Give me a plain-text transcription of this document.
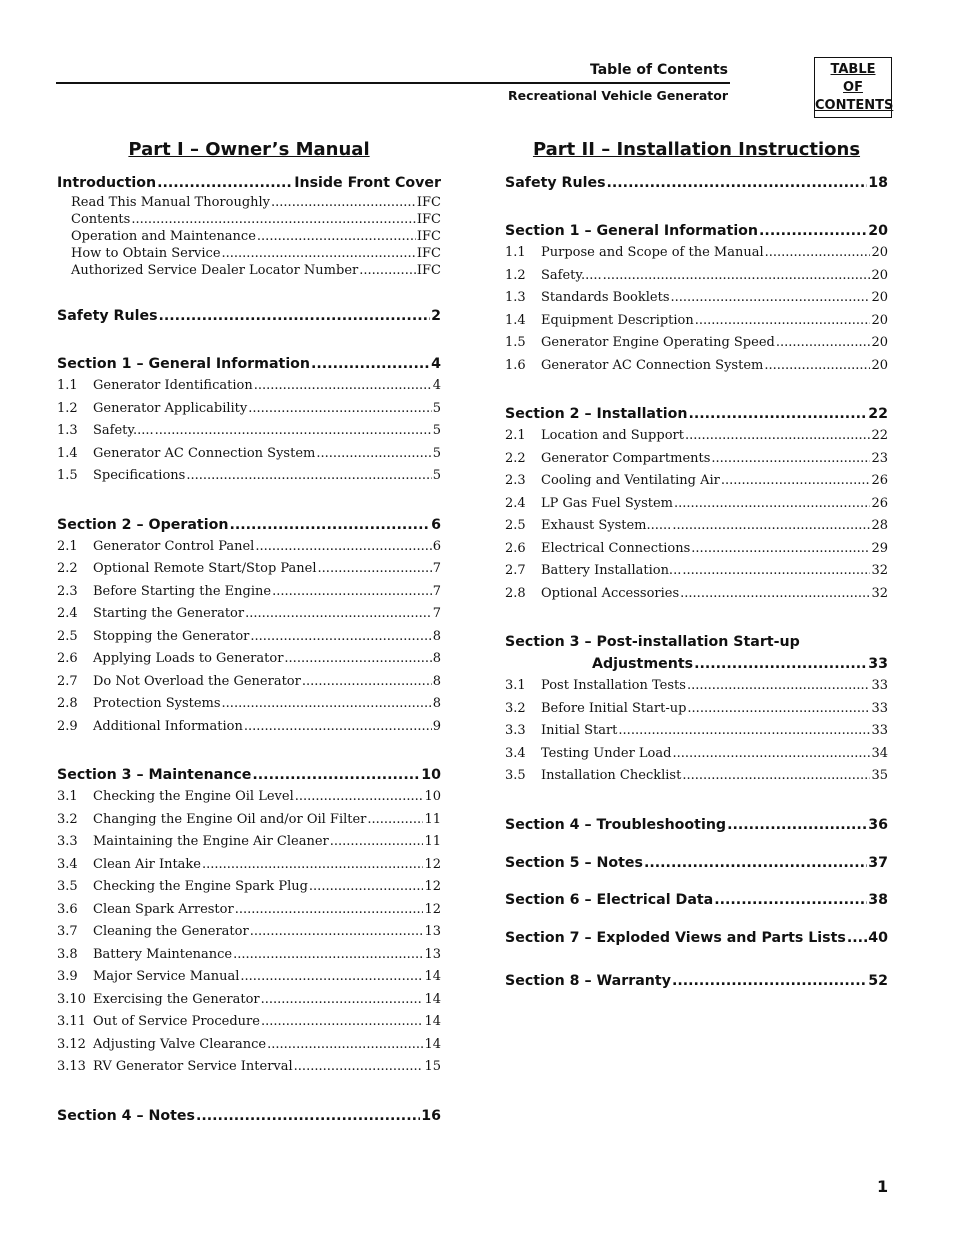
Table of Contents
Recreational Vehicle Generator
TABLE
OF
CONTENTS
Part I – Owner’s Manual
Introduction .....	Inside Front Cover
Read This Manual Thoroughly .....	IFC
Contents .....	IFC
Operation and Maintenance .....	IFC
How to Obtain Service .....	IFC
Authorized Service Dealer Locator Number .....	IFC
Safety Rules .....	2
Section 1 – General Information .....	4
1.1	Generator Identification .....	4
1.2	Generator Applicability .....	5
1.3	Safety..... .....	5
1.4	Generator AC Connection System .....	5
1.5	Specifications .....	5
Section 2 – Operation .....	6
2.1	Generator Control Panel .....	6
2.2	Optional Remote Start/Stop Panel .....	7
2.3	Before Starting the Engine .....	7
2.4	Starting the Generator .....	7
2.5	Stopping the Generator .....	8
2.6	Applying Loads to Generator .....	8
2.7	Do Not Overload the Generator .....	8
2.8	Protection Systems .....	8
2.9	Additional Information .....	9
Section 3 – Maintenance .....	10
3.1	Checking the Engine Oil Level .....	10
3.2	Changing the Engine Oil and/or Oil Filter .....	11
3.3	Maintaining the Engine Air Cleaner .....	11
3.4	Clean Air Intake .....	12
3.5	Checking the Engine Spark Plug .....	12
3.6	Clean Spark Arrestor .....	12
3.7	Cleaning the Generator .....	13
3.8	Battery Maintenance .....	13
3.9	Major Service Manual .....	14
3.10 Exercising the Generator .....	14
3.11 Out of Service Procedure .....	14
3.12 Adjusting Valve Clearance .....	14
3.13 RV Generator Service Interval .....	15
Section 4 – Notes .....	16
Part II – Installation Instructions
Safety Rules .....	18
Section 1 – General Information .....	20
1.1	Purpose and Scope of the Manual .....	20
1.2	Safety..... .....	20
1.3	Standards Booklets .....	20
1.4	Equipment Description .....	20
1.5	Generator Engine Operating Speed .....	20
1.6	Generator AC Connection System .....	20
Section 2 – Installation .....	22
2.1	Location and Support .....	22
2.2	Generator Compartments .....	23
2.3	Cooling and Ventilating Air .....	26
2.4	LP Gas Fuel System .....	26
2.5	Exhaust System...... .....	28
2.6	Electrical Connections .....	29
2.7	Battery Installation... .....	32
2.8	Optional Accessories .....	32
Section 3 – Post-installation Start-up
Adjustments .....	33
3.1	Post Installation Tests .....	33
3.2	Before Initial Start-up .....	33
3.3	Initial Start .....	33
3.4	Testing Under Load .....	34
3.5	Installation Checklist .....	35
Section 4 – Troubleshooting .....	36
Section 5 – Notes .....	37
Section 6 – Electrical Data .....	38
Section 7 – Exploded Views and Parts Lists ..... 40
Section 8 – Warranty .....	52
1
